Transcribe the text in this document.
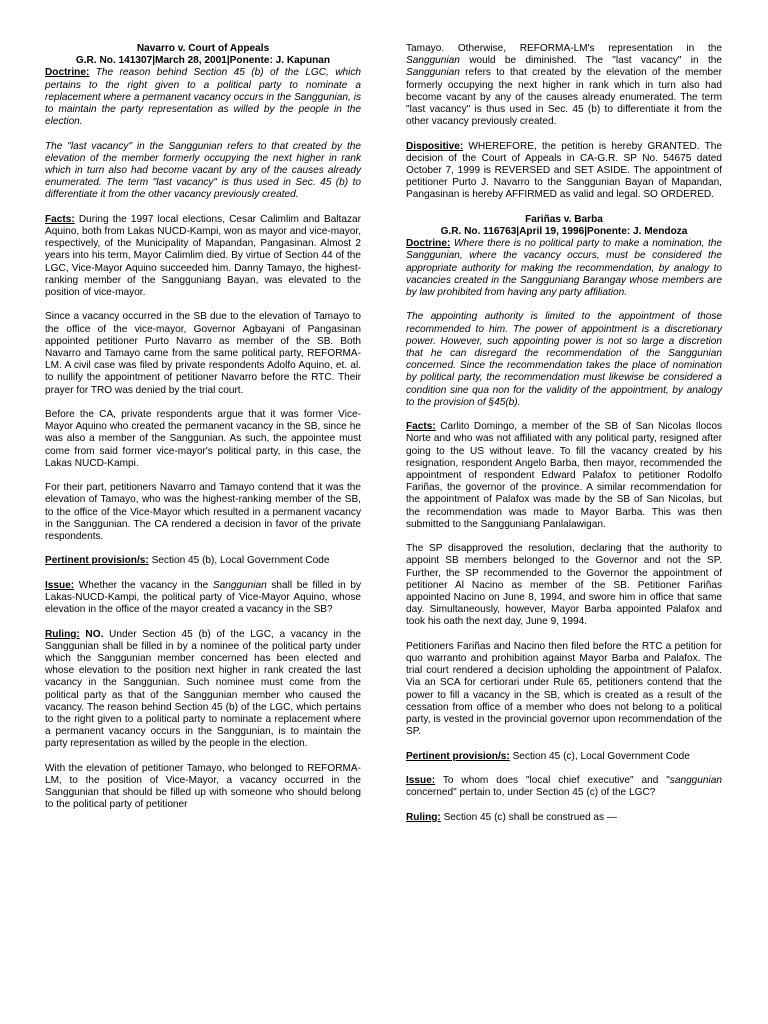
Navarro v. Court of Appeals

G.R. No. 141307|March 28, 2001|Ponente: J. Kapunan

Doctrine: The reason behind Section 45 (b) of the LGC, which pertains to the right given to a political party to nominate a replacement where a permanent vacancy occurs in the Sanggunian, is to maintain the party representation as willed by the people in the election.

The "last vacancy" in the Sanggunian refers to that created by the elevation of the member formerly occupying the next higher in rank which in turn also had become vacant by any of the causes already enumerated. The term "last vacancy" is thus used in Sec. 45 (b) to differentiate it from the other vacancy previously created.

Facts: During the 1997 local elections, Cesar Calimlim and Baltazar Aquino, both from Lakas NUCD-Kampi, won as mayor and vice-mayor, respectively, of the Municipality of Mapandan, Pangasinan. Almost 2 years into his term, Mayor Calimlim died. By virtue of Section 44 of the LGC, Vice-Mayor Aquino succeeded him. Danny Tamayo, the highest-ranking member of the Sangguniang Bayan, was elevated to the position of vice-mayor.

Since a vacancy occurred in the SB due to the elevation of Tamayo to the office of the vice-mayor, Governor Agbayani of Pangasinan appointed petitioner Purto Navarro as member of the SB. Both Navarro and Tamayo came from the same political party, REFORMA-LM. A civil case was filed by private respondents Adolfo Aquino, et. al. to nullify the appointment of petitioner Navarro before the RTC. Their prayer for TRO was denied by the trial court.

Before the CA, private respondents argue that it was former Vice-Mayor Aquino who created the permanent vacancy in the SB, since he was also a member of the Sanggunian. As such, the appointee must come from said former vice-mayor's political party, in this case, the Lakas NUCD-Kampi.

For their part, petitioners Navarro and Tamayo contend that it was the elevation of Tamayo, who was the highest-ranking member of the SB, to the office of the Vice-Mayor which resulted in a permanent vacancy in the Sanggunian. The CA rendered a decision in favor of the private respondents.

Pertinent provision/s: Section 45 (b), Local Government Code

Issue: Whether the vacancy in the Sanggunian shall be filled in by Lakas-NUCD-Kampi, the political party of Vice-Mayor Aquino, whose elevation in the office of the mayor created a vacancy in the SB?

Ruling: NO. Under Section 45 (b) of the LGC, a vacancy in the Sanggunian shall be filled in by a nominee of the political party under which the Sanggunian member concerned has been elected and whose elevation to the position next higher in rank created the last vacancy in the Sanggunian. Such nominee must come from the political party as that of the Sanggunian member who caused the vacancy. The reason behind Section 45 (b) of the LGC, which pertains to the right given to a political party to nominate a replacement where a permanent vacancy occurs in the Sanggunian, is to maintain the party representation as willed by the people in the election.

With the elevation of petitioner Tamayo, who belonged to REFORMA-LM, to the position of Vice-Mayor, a vacancy occurred in the Sanggunian that should be filled up with someone who should belong to the political party of petitioner

Tamayo. Otherwise, REFORMA-LM's representation in the Sanggunian would be diminished. The "last vacancy" in the Sanggunian refers to that created by the elevation of the member formerly occupying the next higher in rank which in turn also had become vacant by any of the causes already enumerated. The term "last vacancy" is thus used in Sec. 45 (b) to differentiate it from the other vacancy previously created.

Dispositive: WHEREFORE, the petition is hereby GRANTED. The decision of the Court of Appeals in CA-G.R. SP No. 54675 dated October 7, 1999 is REVERSED and SET ASIDE. The appointment of petitioner Purto J. Navarro to the Sanggunian Bayan of Mapandan, Pangasinan is hereby AFFIRMED as valid and legal. SO ORDERED.

Fariñas v. Barba

G.R. No. 116763|April 19, 1996|Ponente: J. Mendoza

Doctrine: Where there is no political party to make a nomination, the Sanggunian, where the vacancy occurs, must be considered the appropriate authority for making the recommendation, by analogy to vacancies created in the Sangguniang Barangay whose members are by law prohibited from having any party affiliation.

The appointing authority is limited to the appointment of those recommended to him. The power of appointment is a discretionary power. However, such appointing power is not so large a discretion that he can disregard the recommendation of the Sanggunian concerned. Since the recommendation takes the place of nomination by political party, the recommendation must likewise be considered a condition sine qua non for the validity of the appointment, by analogy to the provision of §45(b).

Facts: Carlito Domingo, a member of the SB of San Nicolas Ilocos Norte and who was not affiliated with any political party, resigned after going to the US without leave. To fill the vacancy created by his resignation, respondent Angelo Barba, then mayor, recommended the appointment of respondent Edward Palafox to petitioner Rodolfo Fariñas, the governor of the province. A similar recommendation for the appointment of Palafox was made by the SB of San Nicolas, but the recommendation was made to Mayor Barba. This was then submitted to the Sangguniang Panlalawigan.

The SP disapproved the resolution, declaring that the authority to appoint SB members belonged to the Governor and not the SP. Further, the SP recommended to the Governor the appointment of petitioner Al Nacino as member of the SB. Petitioner Fariñas appointed Nacino on June 8, 1994, and swore him in office that same day. Simultaneously, however, Mayor Barba appointed Palafox and took his oath the next day, June 9, 1994.

Petitioners Fariñas and Nacino then filed before the RTC a petition for quo warranto and prohibition against Mayor Barba and Palafox. The trial court rendered a decision upholding the appointment of Palafox. Via an SCA for certiorari under Rule 65, petitioners contend that the power to fill a vacancy in the SB, which is created as a result of the cessation from office of a member who does not belong to a political party, is vested in the provincial governor upon recommendation of the SP.

Pertinent provision/s: Section 45 (c), Local Government Code

Issue: To whom does "local chief executive" and "sanggunian concerned" pertain to, under Section 45 (c) of the LGC?

Ruling: Section 45 (c) shall be construed as —
